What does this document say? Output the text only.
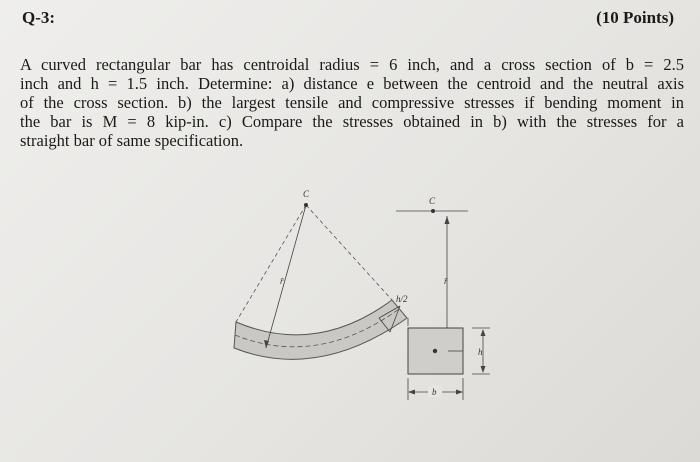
Q-3:	(10 Points)
A curved rectangular bar has centroidal radius = 6 inch, and a cross section of b = 2.5
inch and h = 1.5 inch. Determine: a) distance e between the centroid and the neutral axis
of the cross section. b) the largest tensile and compressive stresses if bending moment in
the bar is M = 8 kip-in. c) Compare the stresses obtained in b) with the stresses for a
straight bar of same specification.
C
r̄
h/2
C
r̄
h
b
